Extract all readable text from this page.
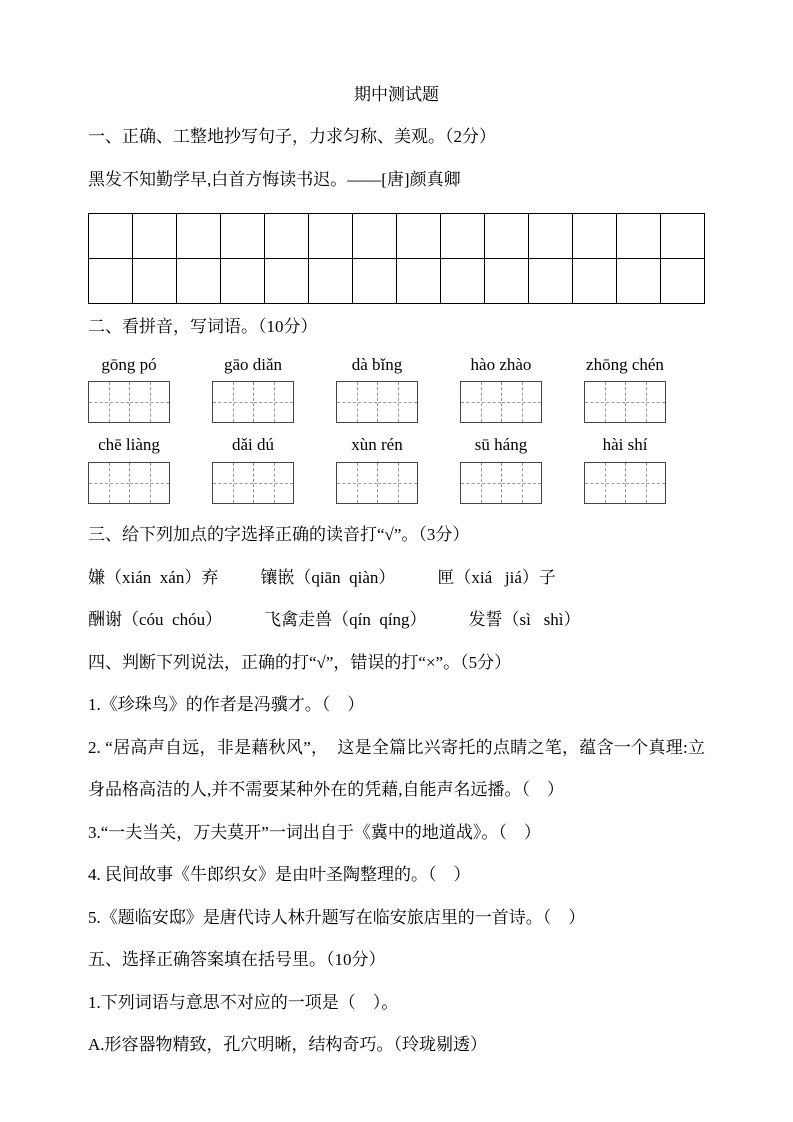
期中测试题

一、正确、工整地抄写句子，力求匀称、美观。（2分）

黑发不知勤学早,白首方悔读书迟。——[唐]颜真卿

二、看拼音，写词语。（10分）

gōng pó	gāo diǎn	dà bǐng	hào zhào	zhōng chén
chē liàng	dǎi dú	xùn rén	sū háng	hài shí

三、给下列加点的字选择正确的读音打“√”。（3分）

嫌（xián  xán）弃 镶嵌（qiān  qiàn） 匣（xiá   jiá）子
酬谢（cóu  chóu） 飞禽走兽（qín  qíng） 发誓（sì   shì）

四、判断下列说法，正确的打“√”，错误的打“×”。（5分）

1.《珍珠鸟》的作者是冯骥才。（    ）

2. “居高声自远，非是藉秋风”，  这是全篇比兴寄托的点睛之笔，蕴含一个真理:立身品格高洁的人,并不需要某种外在的凭藉,自能声名远播。（    ）

3.“一夫当关，万夫莫开”一词出自于《冀中的地道战》。（    ）

4. 民间故事《牛郎织女》是由叶圣陶整理的。（    ）

5.《题临安邸》是唐代诗人林升题写在临安旅店里的一首诗。（    ）

五、选择正确答案填在括号里。（10分）

1.下列词语与意思不对应的一项是（    ）。

A.形容器物精致，孔穴明晰，结构奇巧。（玲珑剔透）
